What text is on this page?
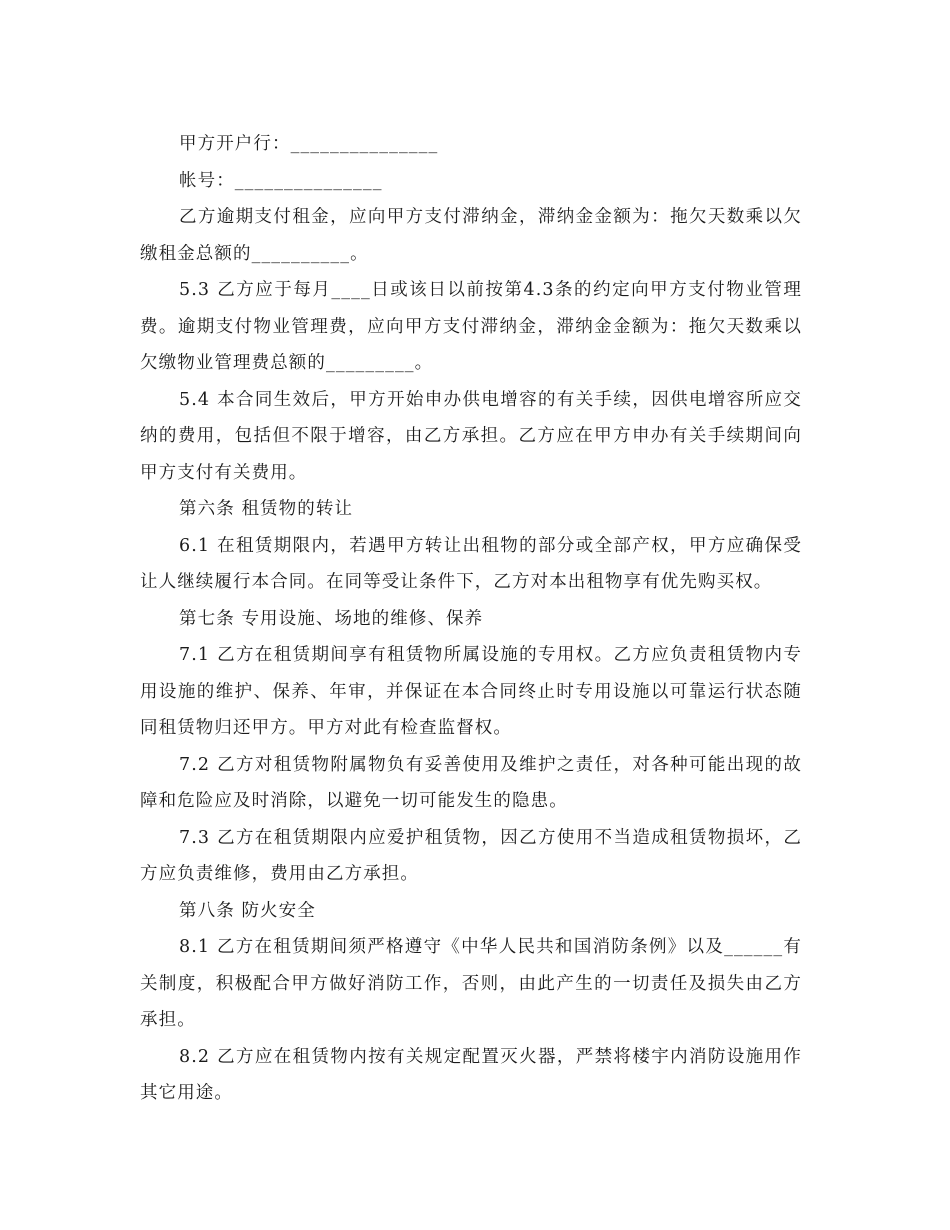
甲方开户行：_______________

帐号：_______________

乙方逾期支付租金，应向甲方支付滞纳金，滞纳金金额为：拖欠天数乘以欠缴租金总额的__________。

5.3 乙方应于每月____日或该日以前按第4.3条的约定向甲方支付物业管理费。逾期支付物业管理费，应向甲方支付滞纳金，滞纳金金额为：拖欠天数乘以欠缴物业管理费总额的_________。

5.4 本合同生效后，甲方开始申办供电增容的有关手续，因供电增容所应交纳的费用，包括但不限于增容，由乙方承担。乙方应在甲方申办有关手续期间向甲方支付有关费用。

第六条 租赁物的转让

6.1 在租赁期限内，若遇甲方转让出租物的部分或全部产权，甲方应确保受让人继续履行本合同。在同等受让条件下，乙方对本出租物享有优先购买权。

第七条 专用设施、场地的维修、保养

7.1 乙方在租赁期间享有租赁物所属设施的专用权。乙方应负责租赁物内专用设施的维护、保养、年审，并保证在本合同终止时专用设施以可靠运行状态随同租赁物归还甲方。甲方对此有检查监督权。

7.2 乙方对租赁物附属物负有妥善使用及维护之责任，对各种可能出现的故障和危险应及时消除，以避免一切可能发生的隐患。

7.3 乙方在租赁期限内应爱护租赁物，因乙方使用不当造成租赁物损坏，乙方应负责维修，费用由乙方承担。

第八条 防火安全

8.1 乙方在租赁期间须严格遵守《中华人民共和国消防条例》以及______有关制度，积极配合甲方做好消防工作，否则，由此产生的一切责任及损失由乙方承担。

8.2 乙方应在租赁物内按有关规定配置灭火器，严禁将楼宇内消防设施用作其它用途。
